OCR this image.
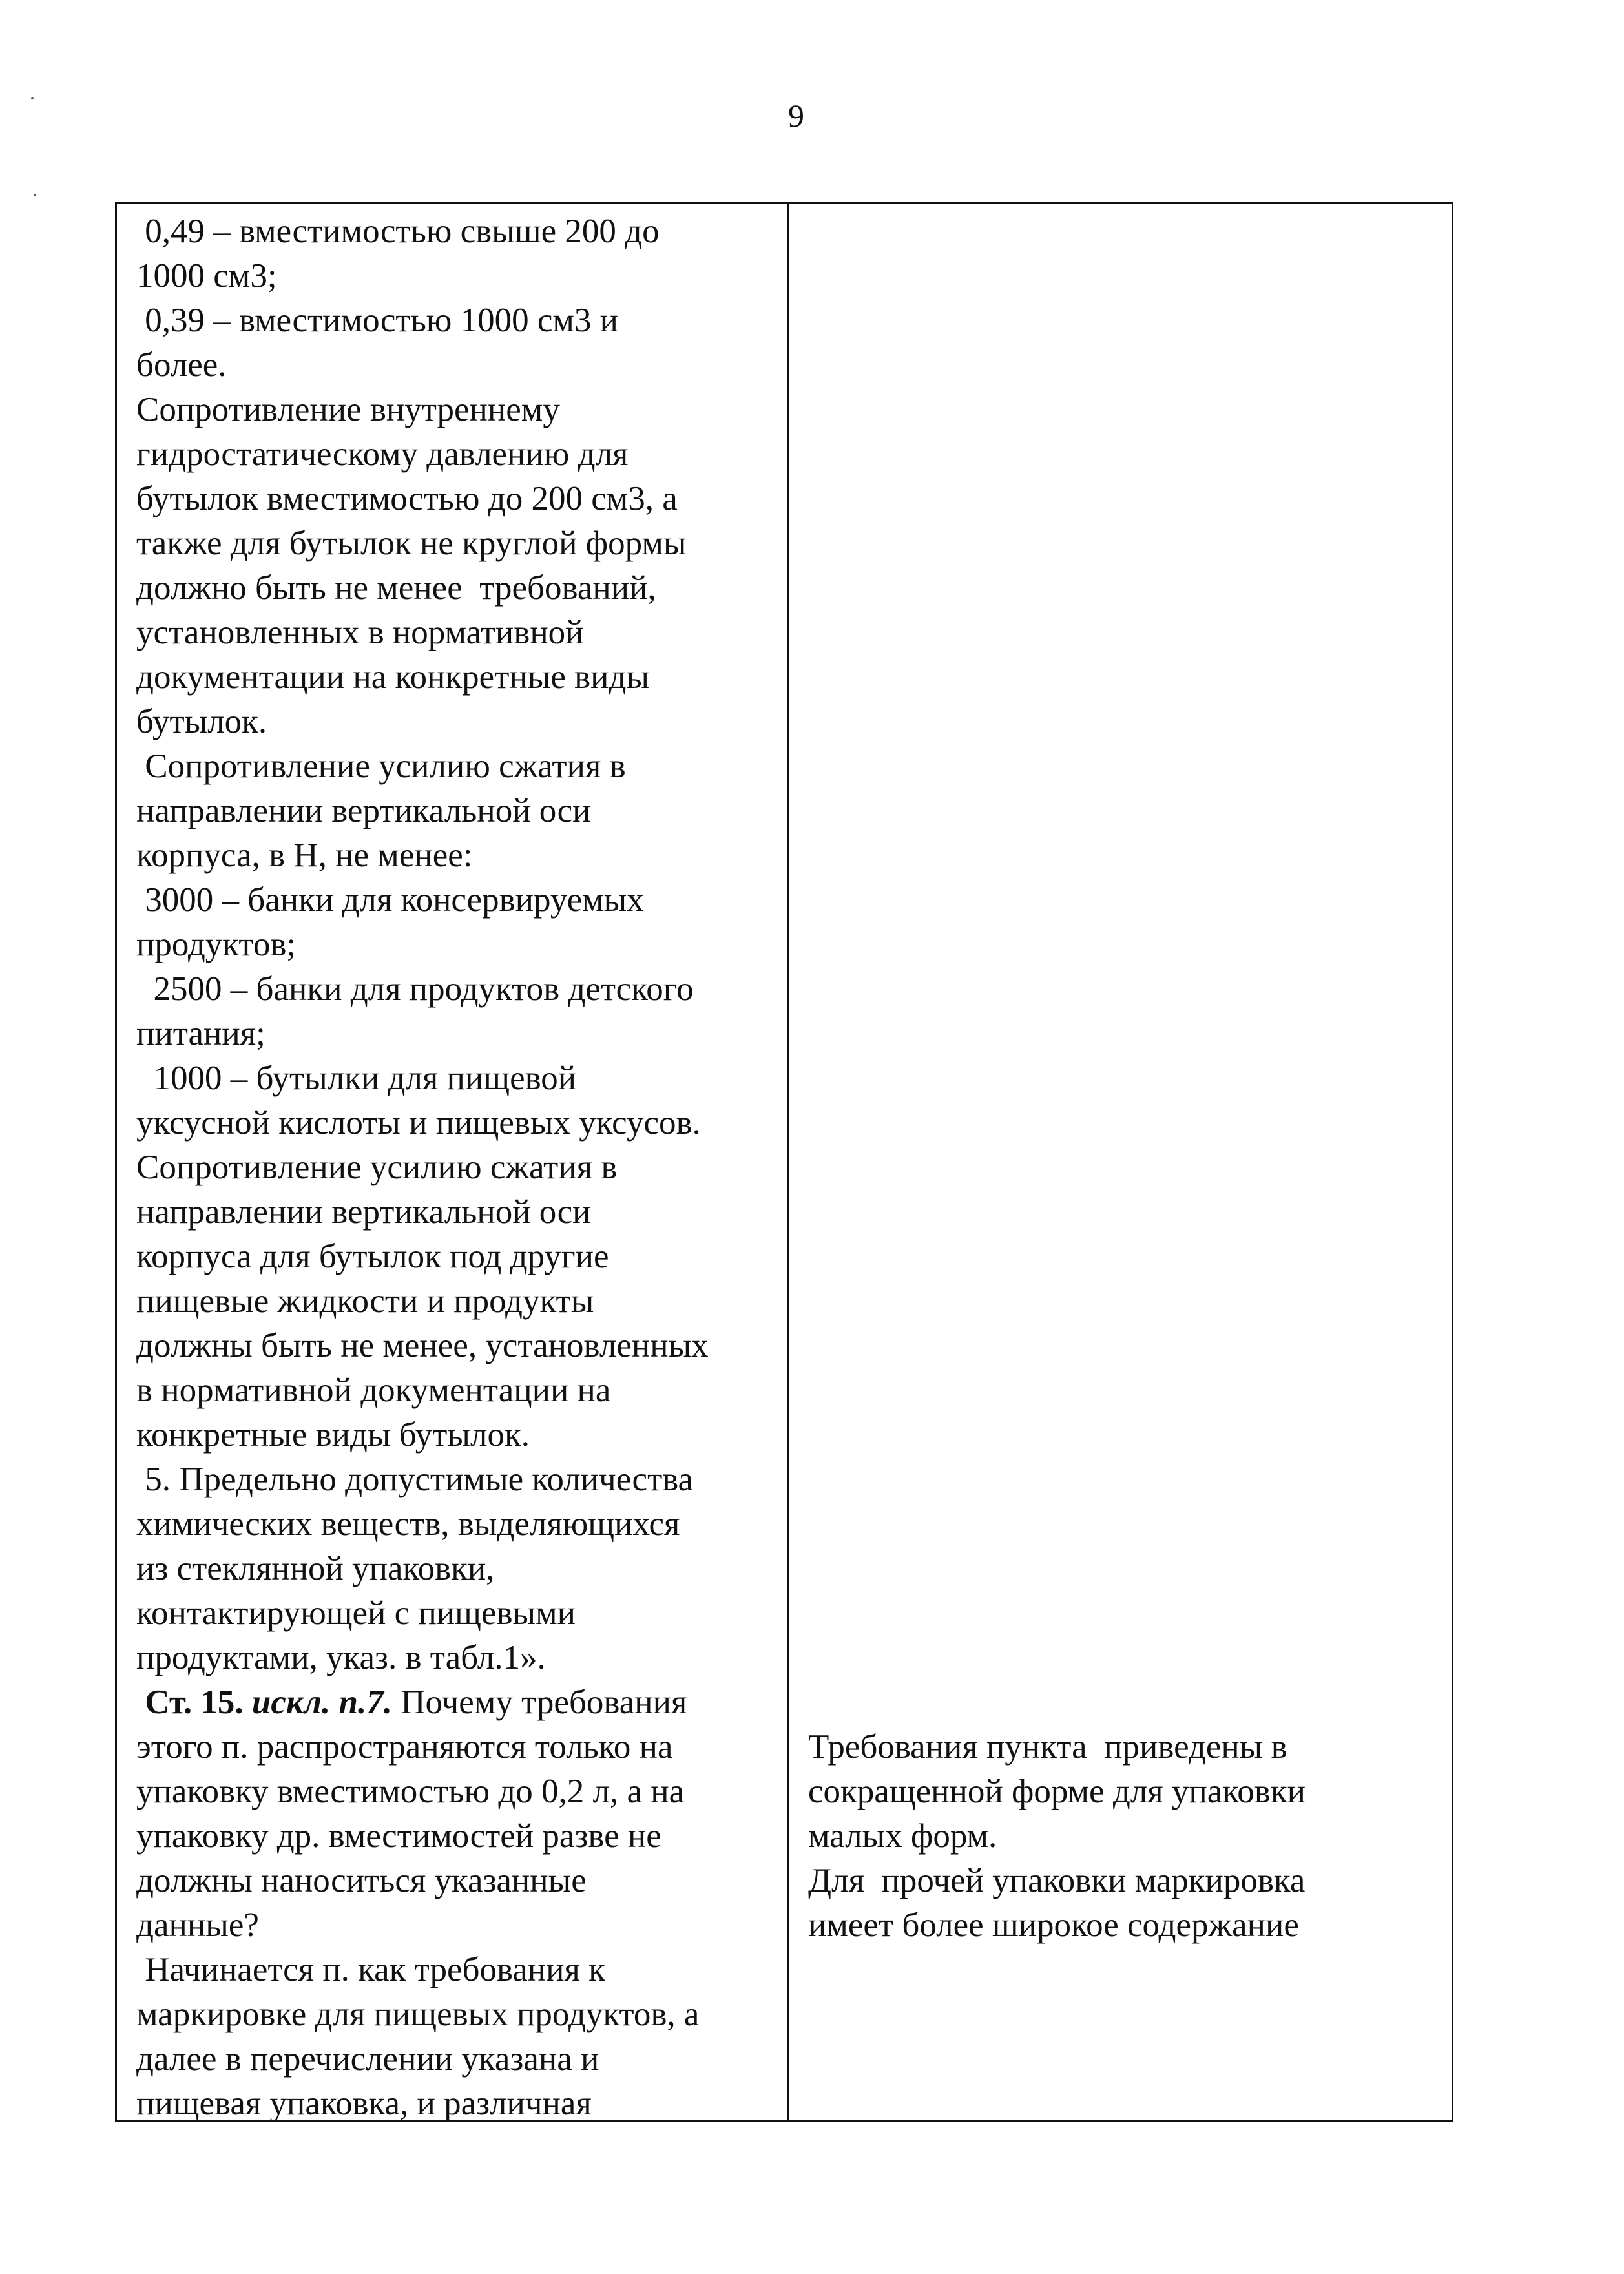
9
0,49 – вместимостью свыше 200 до
1000 см3;
0,39 – вместимостью 1000 см3 и
более.
Сопротивление внутреннему
гидростатическому давлению для
бутылок вместимостью до 200 см3, а
также для бутылок не круглой формы
должно быть не менее  требований,
установленных в нормативной
документации на конкретные виды
бутылок.
Сопротивление усилию сжатия в
направлении вертикальной оси
корпуса, в Н, не менее:
3000 – банки для консервируемых
продуктов;
2500 – банки для продуктов детского
питания;
1000 – бутылки для пищевой
уксусной кислоты и пищевых уксусов.
Сопротивление усилию сжатия в
направлении вертикальной оси
корпуса для бутылок под другие
пищевые жидкости и продукты
должны быть не менее, установленных
в нормативной документации на
конкретные виды бутылок.
5. Предельно допустимые количества
химических веществ, выделяющихся
из стеклянной упаковки,
контактирующей с пищевыми
продуктами, указ. в табл.1».
Ст. 15. искл. п.7. Почему требования
этого п. распространяются только на
упаковку вместимостью до 0,2 л, а на
упаковку др. вместимостей разве не
должны наноситься указанные
данные?
Начинается п. как требования к
маркировке для пищевых продуктов, а
далее в перечислении указана и
пищевая упаковка, и различная
Требования пункта  приведены в
сокращенной форме для упаковки
малых форм.
Для  прочей упаковки маркировка
имеет более широкое содержание
